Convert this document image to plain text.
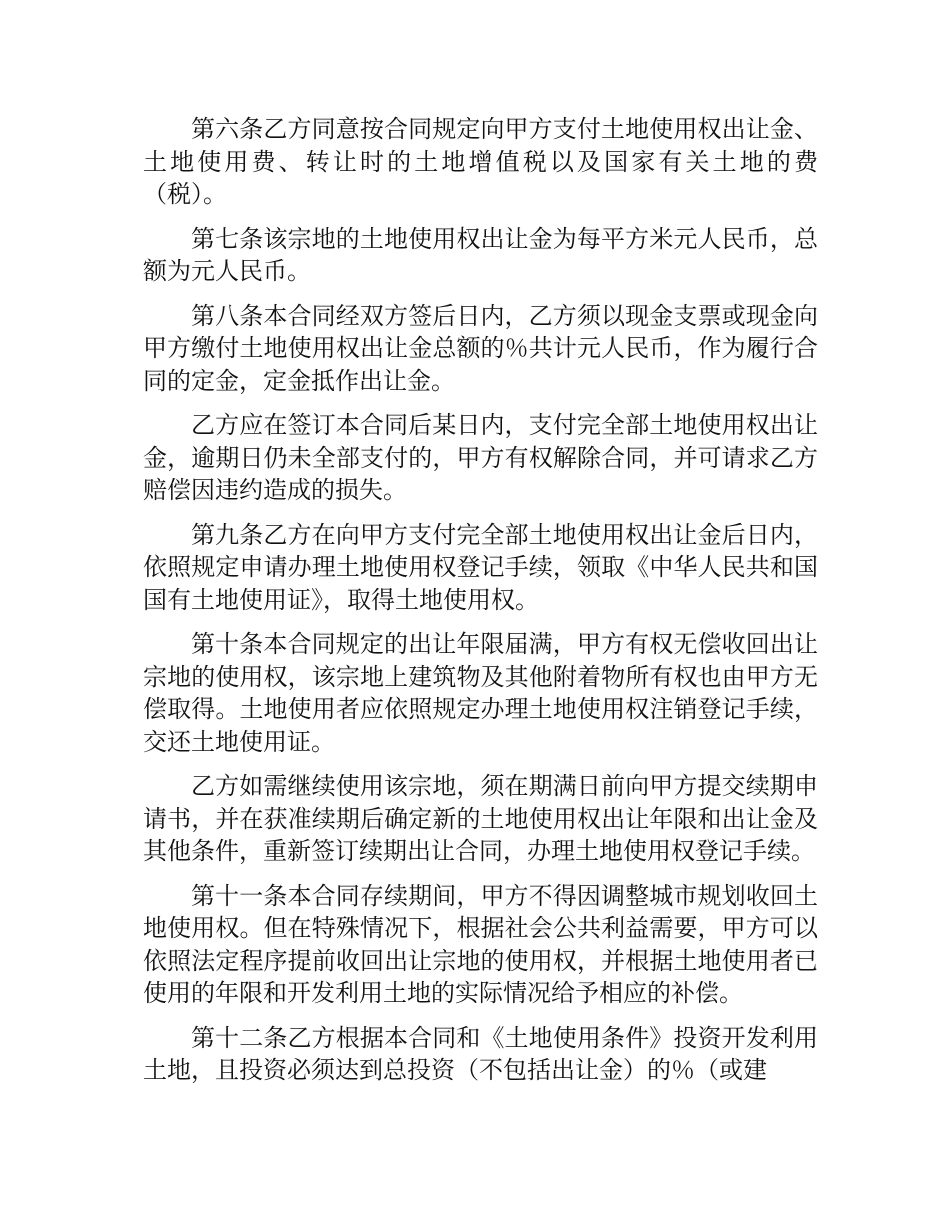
第六条乙方同意按合同规定向甲方支付土地使用权出让金、土地使用费、转让时的土地增值税以及国家有关土地的费（税）。

第七条该宗地的土地使用权出让金为每平方米元人民币，总额为元人民币。

第八条本合同经双方签后日内，乙方须以现金支票或现金向甲方缴付土地使用权出让金总额的％共计元人民币，作为履行合同的定金，定金抵作出让金。

乙方应在签订本合同后某日内，支付完全部土地使用权出让金，逾期日仍未全部支付的，甲方有权解除合同，并可请求乙方赔偿因违约造成的损失。

第九条乙方在向甲方支付完全部土地使用权出让金后日内，依照规定申请办理土地使用权登记手续，领取《中华人民共和国国有土地使用证》，取得土地使用权。

第十条本合同规定的出让年限届满，甲方有权无偿收回出让宗地的使用权，该宗地上建筑物及其他附着物所有权也由甲方无偿取得。土地使用者应依照规定办理土地使用权注销登记手续，交还土地使用证。

乙方如需继续使用该宗地，须在期满日前向甲方提交续期申请书，并在获准续期后确定新的土地使用权出让年限和出让金及其他条件，重新签订续期出让合同，办理土地使用权登记手续。

第十一条本合同存续期间，甲方不得因调整城市规划收回土地使用权。但在特殊情况下，根据社会公共利益需要，甲方可以依照法定程序提前收回出让宗地的使用权，并根据土地使用者已使用的年限和开发利用土地的实际情况给予相应的补偿。

第十二条乙方根据本合同和《土地使用条件》投资开发利用土地，且投资必须达到总投资（不包括出让金）的％（或建
